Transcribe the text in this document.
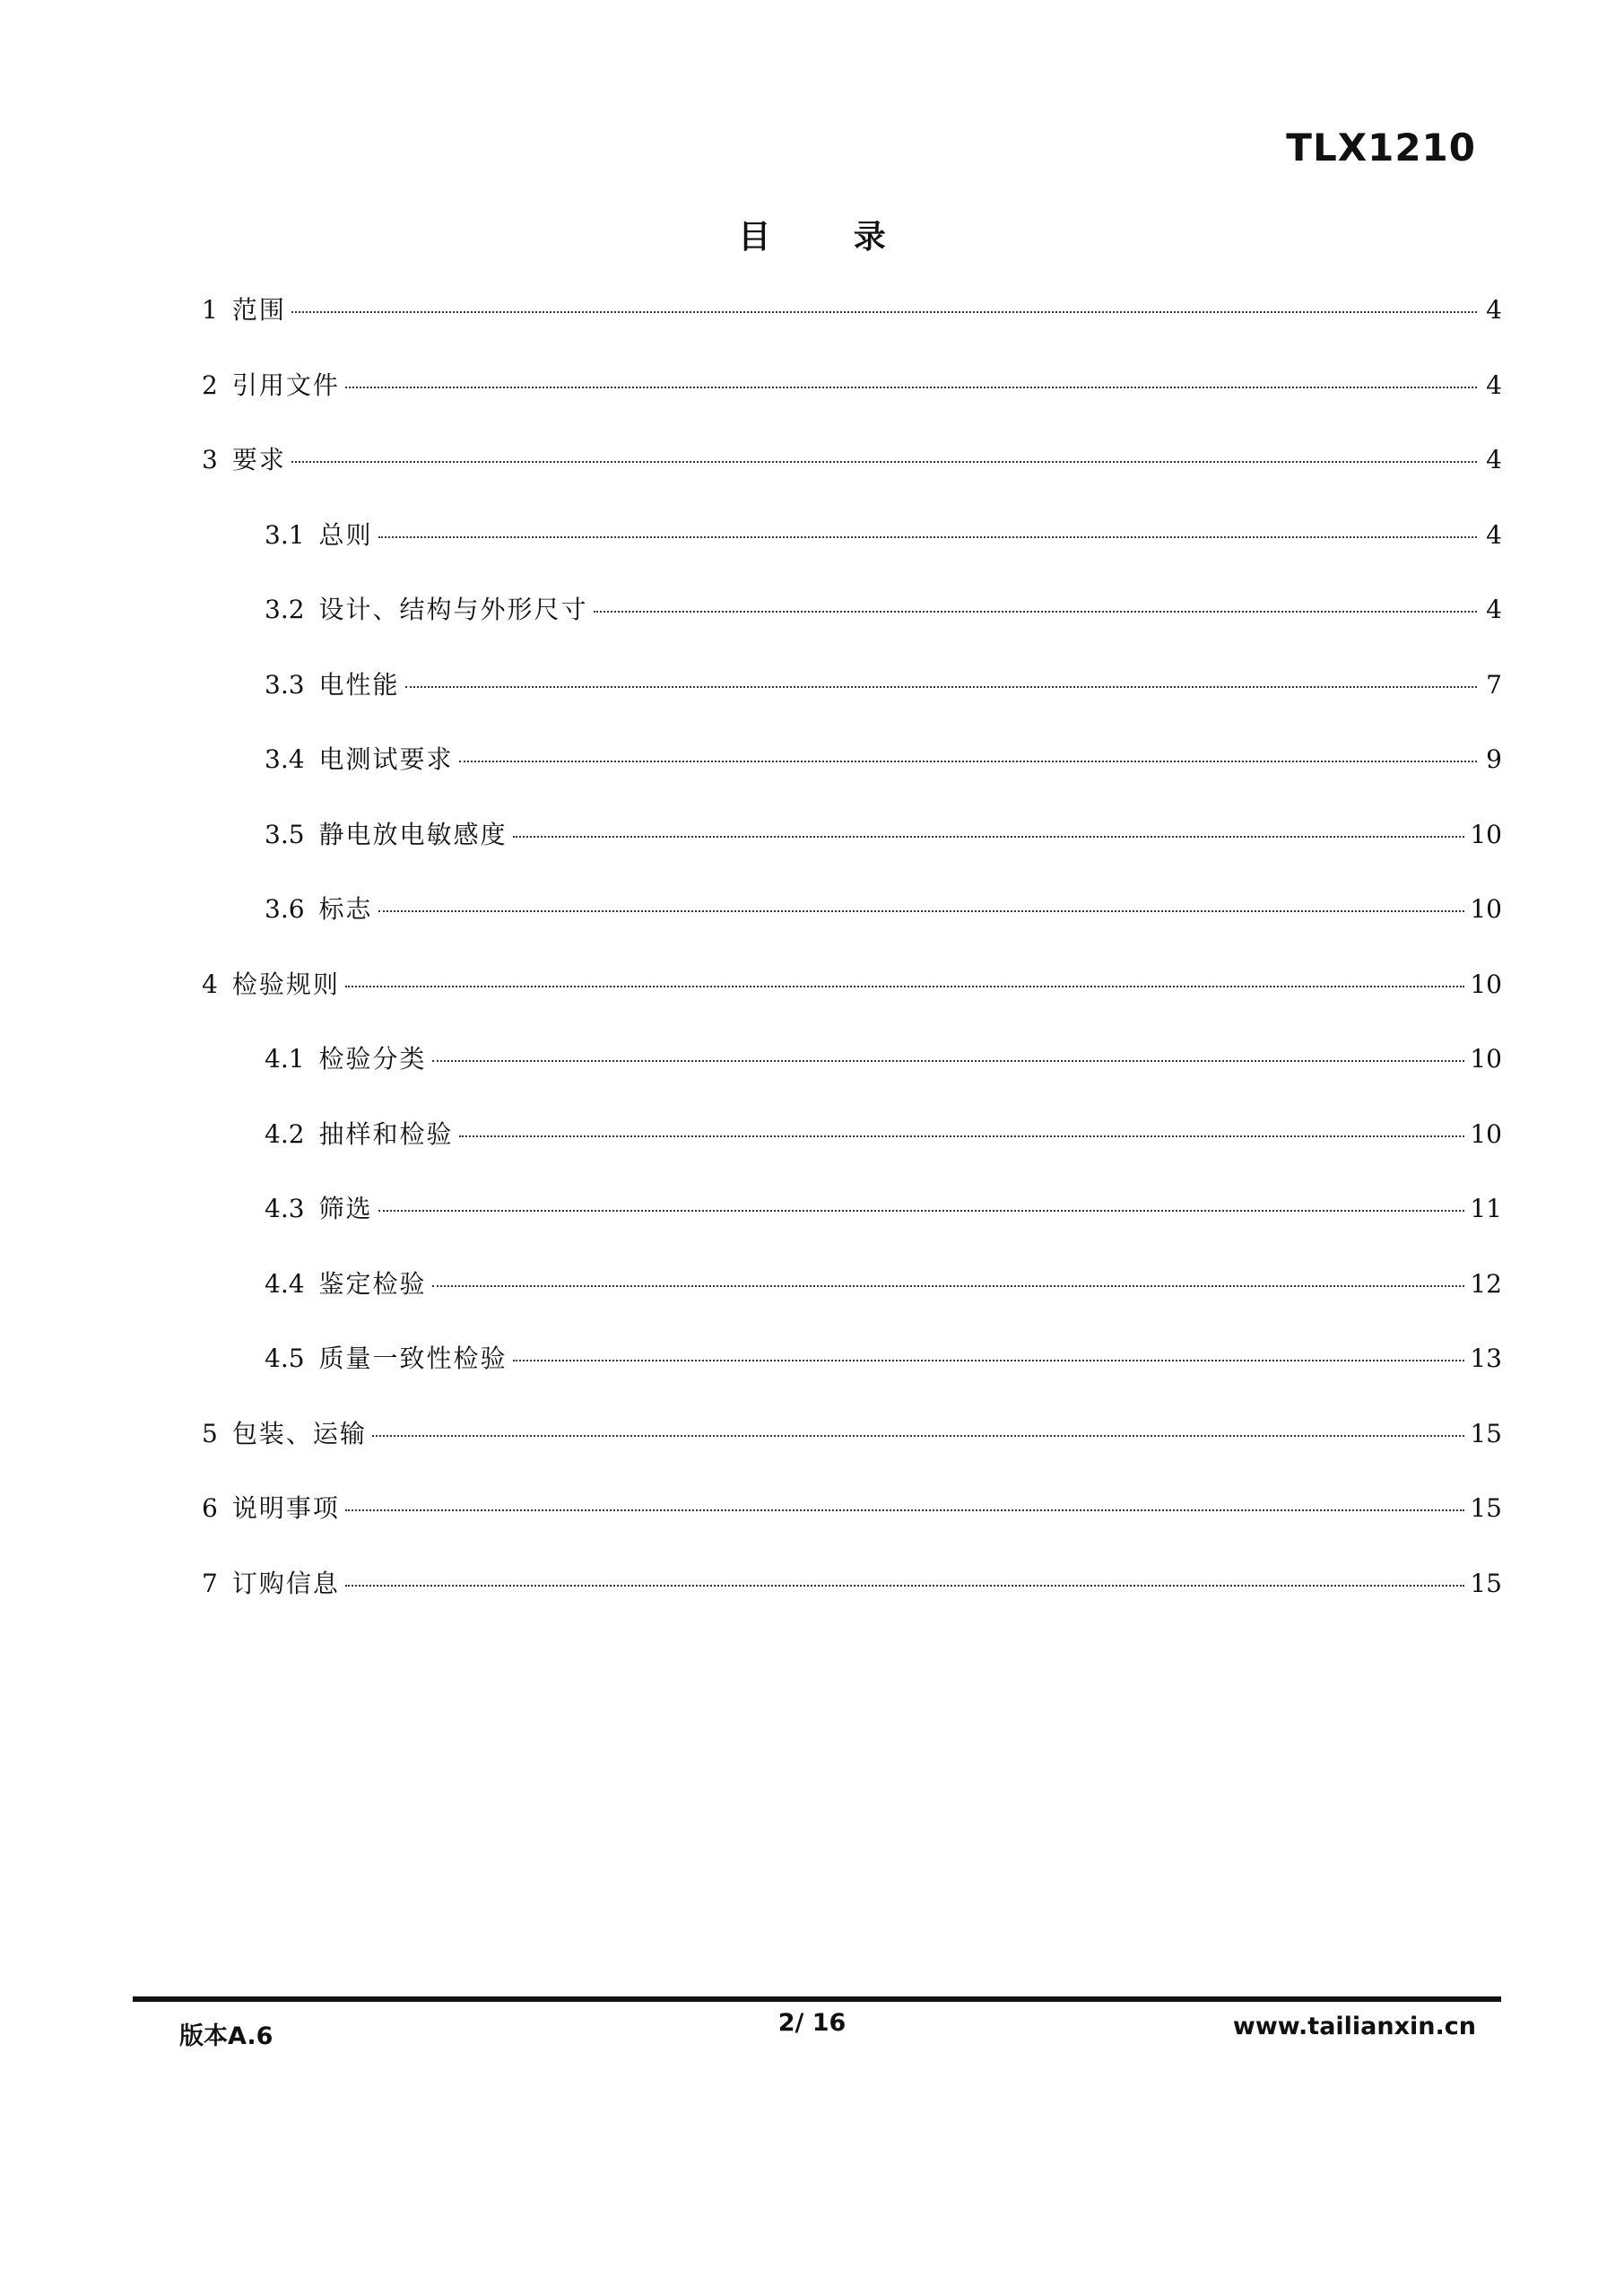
TLX1210
目 录
1 范围	4
2 引用文件	4
3 要求	4
3.1 总则	4
3.2 设计、结构与外形尺寸	4
3.3 电性能	7
3.4 电测试要求	9
3.5 静电放电敏感度	10
3.6 标志	10
4 检验规则	10
4.1 检验分类	10
4.2 抽样和检验	10
4.3 筛选	11
4.4 鉴定检验	12
4.5 质量一致性检验	13
5 包装、运输	15
6 说明事项	15
7 订购信息	15
版本A.6	2/ 16	www.tailianxin.cn
